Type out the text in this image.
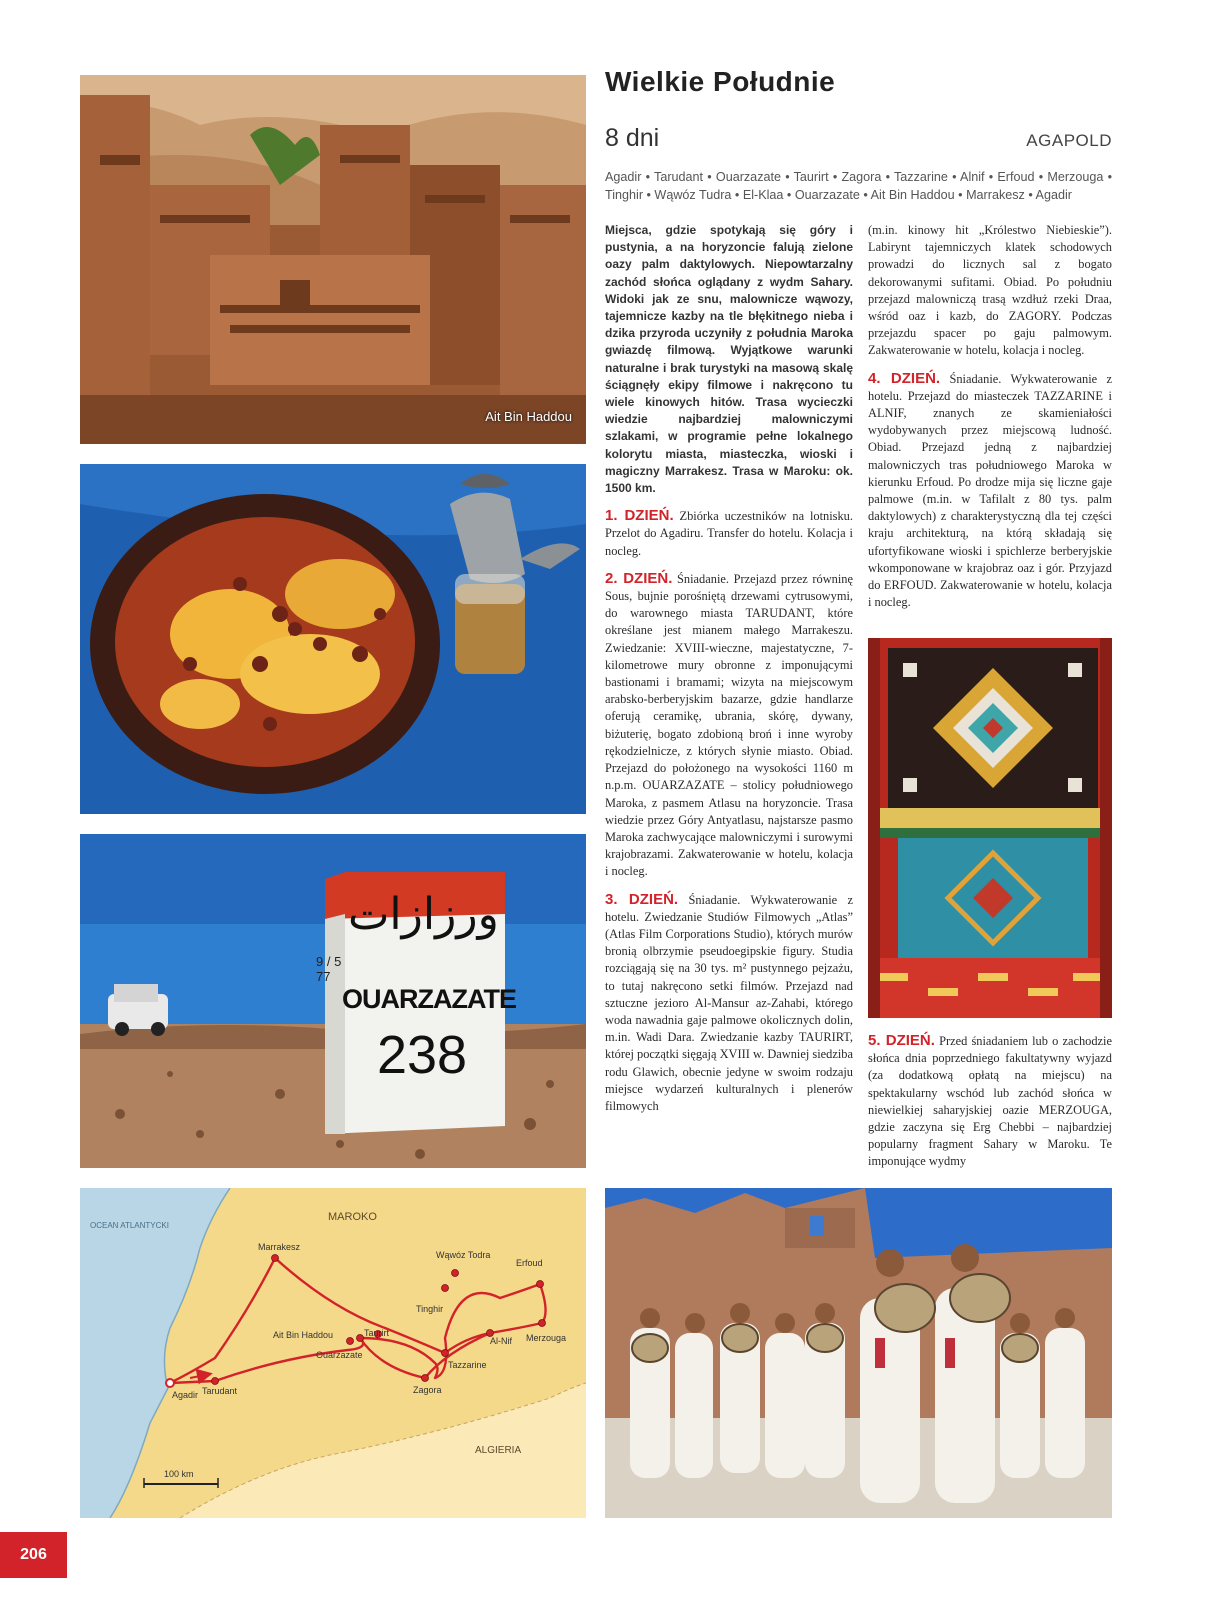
Ait Bin Haddou
ورزازات
9 / 577
OUARZAZATE
238
OCEAN ATLANTYCKI
MAROKO
ALGIERIA
Agadir Tarudant
Marrakesz
Ait Bin Haddou
Ouarzazate
Taurirt
Tinghir
Wąwóz Todra
Erfoud
Merzouga
Al-Nif
Tazzarine
Zagora
100 km
Wielkie Południe
8 dni	AGAPOLD
Agadir • Tarudant • Ouarzazate • Taurirt • Zagora • Tazzarine • Alnif • Erfoud • Merzouga • Tinghir • Wąwóz Tudra • El-Klaa • Ouarzazate • Ait Bin Haddou • Marrakesz • Agadir

Miejsca, gdzie spotykają się góry i pustynia, a na horyzoncie falują zielone oazy palm daktylowych. Niepowtarzalny zachód słońca oglądany z wydm Sahary. Widoki jak ze snu, malownicze wąwozy, tajemnicze kazby na tle błękitnego nieba i dzika przyroda uczyniły z południa Maroka gwiazdę filmową. Wyjątkowe warunki naturalne i brak turystyki na masową skalę ściągnęły ekipy filmowe i nakręcono tu wiele kinowych hitów. Trasa wycieczki wiedzie najbardziej malowniczymi szlakami, w programie pełne lokalnego kolorytu miasta, miasteczka, wioski i magiczny Marrakesz. Trasa w Maroku: ok. 1500 km.

1. DZIEŃ. Zbiórka uczestników na lotnisku. Przelot do Agadiru. Transfer do hotelu. Kolacja i nocleg.

2. DZIEŃ. Śniadanie. Przejazd przez równinę Sous, bujnie porośniętą drzewami cytrusowymi, do warownego miasta TARUDANT, które określane jest mianem małego Marrakeszu. Zwiedzanie: XVIII-wieczne, majestatyczne, 7-kilometrowe mury obronne z imponującymi bastionami i bramami; wizyta na miejscowym arabsko-berberyjskim bazarze, gdzie handlarze oferują ceramikę, ubrania, skórę, dywany, biżuterię, bogato zdobioną broń i inne wyroby rękodzielnicze, z których słynie miasto. Obiad. Przejazd do położonego na wysokości 1160 m n.p.m. OUARZAZATE – stolicy południowego Maroka, z pasmem Atlasu na horyzoncie. Trasa wiedzie przez Góry Antyatlasu, najstarsze pasmo Maroka zachwycające malowniczymi i surowymi krajobrazami. Zakwaterowanie w hotelu, kolacja i nocleg.

3. DZIEŃ. Śniadanie. Wykwaterowanie z hotelu. Zwiedzanie Studiów Filmowych „Atlas” (Atlas Film Corporations Studio), których murów bronią olbrzymie pseudoegipskie figury. Studia rozciągają się na 30 tys. m² pustynnego pejzażu, to tutaj nakręcono setki filmów. Przejazd nad sztuczne jezioro Al-Mansur az-Zahabi, którego woda nawadnia gaje palmowe okolicznych dolin, m.in. Wadi Dara. Zwiedzanie kazby TAURIRT, której początki sięgają XVIII w. Dawniej siedziba rodu Glawich, obecnie jedyne w swoim rodzaju miejsce wydarzeń kulturalnych i plenerów filmowych

(m.in. kinowy hit „Królestwo Niebieskie”). Labirynt tajemniczych klatek schodowych prowadzi do licznych sal z bogato dekorowanymi sufitami. Obiad. Po południu przejazd malowniczą trasą wzdłuż rzeki Draa, wśród oaz i kazb, do ZAGORY. Podczas przejazdu spacer po gaju palmowym. Zakwaterowanie w hotelu, kolacja i nocleg.

4. DZIEŃ. Śniadanie. Wykwaterowanie z hotelu. Przejazd do miasteczek TAZZARINE i ALNIF, znanych ze skamieniałości wydobywanych przez miejscową ludność. Obiad. Przejazd jedną z najbardziej malowniczych tras południowego Maroka w kierunku Erfoud. Po drodze mija się liczne gaje palmowe (m.in. w Tafilalt z 80 tys. palm daktylowych) z charakterystyczną dla tej części kraju architekturą, na którą składają się ufortyfikowane wioski i spichlerze berberyjskie wkomponowane w krajobraz oaz i gór. Przyjazd do ERFOUD. Zakwaterowanie w hotelu, kolacja i nocleg.

5. DZIEŃ. Przed śniadaniem lub o zachodzie słońca dnia poprzedniego fakultatywny wyjazd (za dodatkową opłatą na miejscu) na spektakularny wschód lub zachód słońca w niewielkiej saharyjskiej oazie MERZOUGA, gdzie zaczyna się Erg Chebbi – najbardziej popularny fragment Sahary w Maroku. Te imponujące wydmy

206
